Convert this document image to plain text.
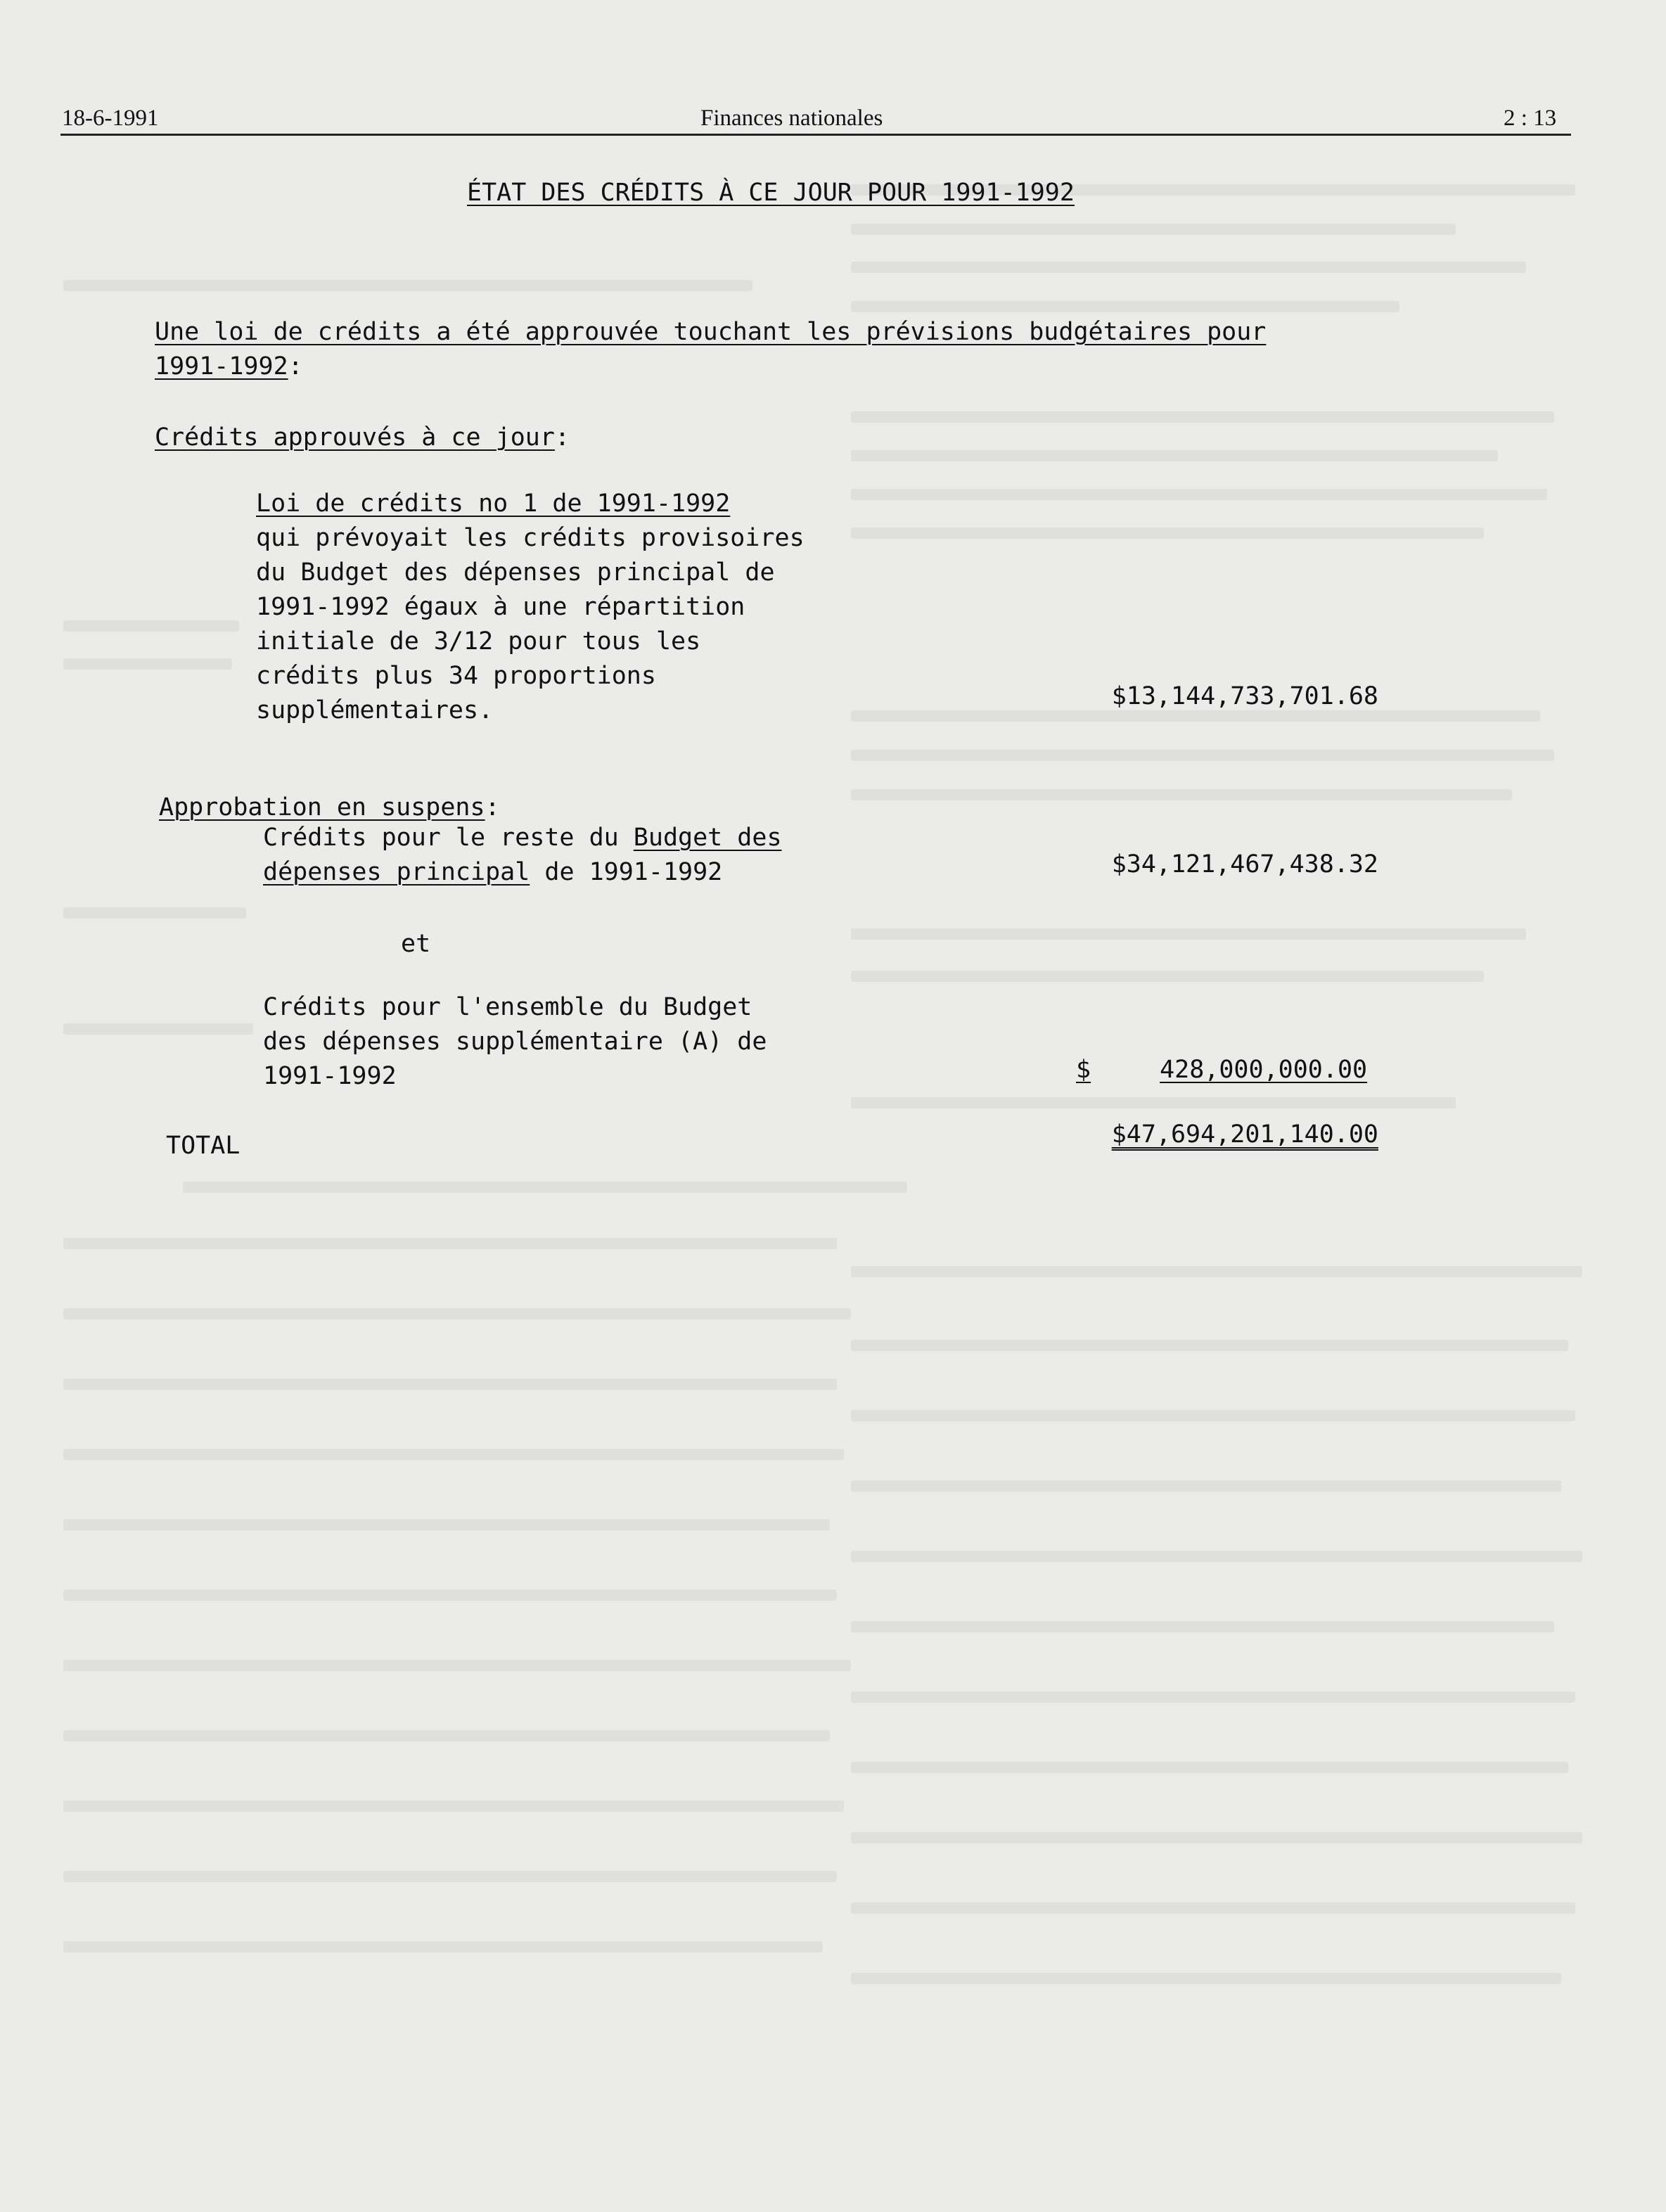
18-6-1991	Finances nationales	2 : 13
ÉTAT DES CRÉDITS À CE JOUR POUR 1991-1992
Une loi de crédits a été approuvée touchant les prévisions budgétaires pour
1991-1992:
Crédits approuvés à ce jour:
Loi de crédits no 1 de 1991-1992
qui prévoyait les crédits provisoires
du Budget des dépenses principal de
1991-1992 égaux à une répartition
initiale de 3/12 pour tous les
crédits plus 34 proportions
supplémentaires.	$13,144,733,701.68
Approbation en suspens:
Crédits pour le reste du Budget des
dépenses principal de 1991-1992	$34,121,467,438.32
et
Crédits pour l'ensemble du Budget
des dépenses supplémentaire (A) de
1991-1992	$	428,000,000.00
TOTAL	$47,694,201,140.00
